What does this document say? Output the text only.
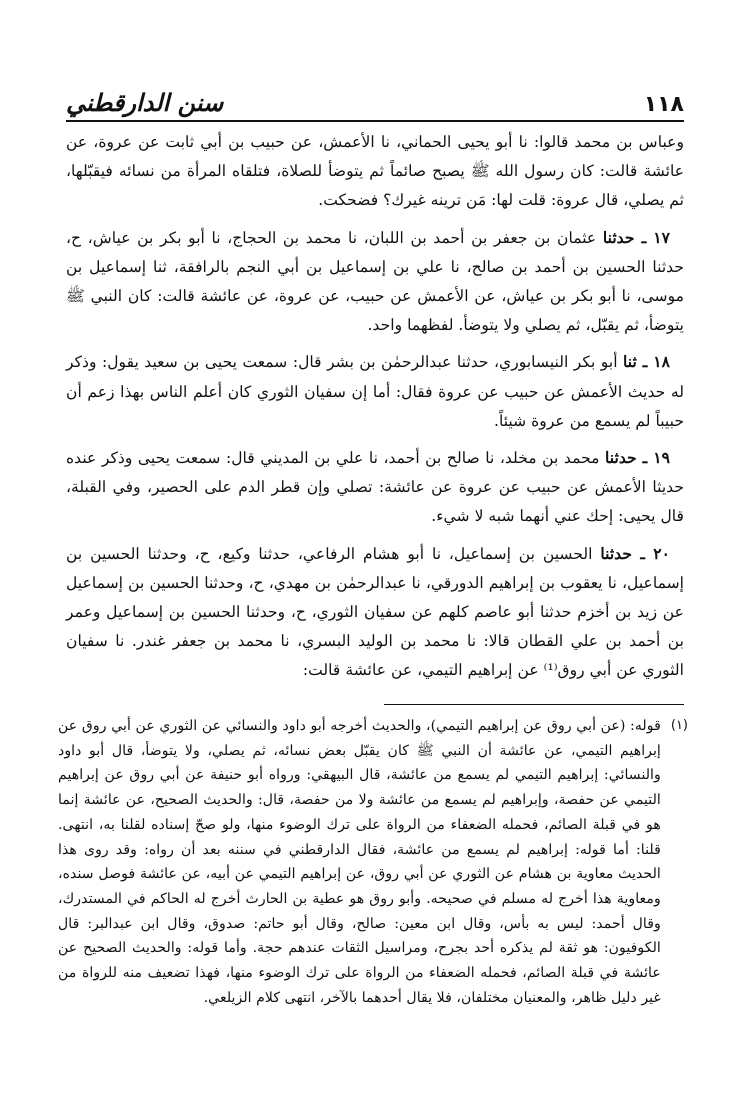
١١٨
سنن الدارقطني

وعباس بن محمد قالوا: نا أبو يحيى الحماني، نا الأعمش، عن حبيب بن أبي ثابت عن عروة، عن عائشة قالت: كان رسول الله ﷺ يصبح صائماً ثم يتوضأ للصلاة، فتلقاه المرأة من نسائه فيقبّلها، ثم يصلي، قال عروة: قلت لها: مَن ترينه غيرك؟ فضحكت.

١٧ ـ حدثنا عثمان بن جعفر بن أحمد بن اللبان، نا محمد بن الحجاج، نا أبو بكر بن عياش، ح، حدثنا الحسين بن أحمد بن صالح، نا علي بن إسماعيل بن أبي النجم بالرافقة، ثنا إسماعيل بن موسى، نا أبو بكر بن عياش، عن الأعمش عن حبيب، عن عروة، عن عائشة قالت: كان النبي ﷺ يتوضأ، ثم يقبّل، ثم يصلي ولا يتوضأ. لفظهما واحد.

١٨ ـ ثنا أبو بكر النيسابوري، حدثنا عبدالرحمٰن بن بشر قال: سمعت يحيى بن سعيد يقول: وذكر له حديث الأعمش عن حبيب عن عروة فقال: أما إن سفيان الثوري كان أعلم الناس بهذا زعم أن حبيباً لم يسمع من عروة شيئاً.

١٩ ـ حدثنا محمد بن مخلد، نا صالح بن أحمد، نا علي بن المديني قال: سمعت يحيى وذكر عنده حديثا الأعمش عن حبيب عن عروة عن عائشة: تصلي وإن قطر الدم على الحصير، وفي القبلة، قال يحيى: إحك عني أنهما شبه لا شيء.

٢٠ ـ حدثنا الحسين بن إسماعيل، نا أبو هشام الرفاعي، حدثنا وكيع، ح، وحدثنا الحسين بن إسماعيل، نا يعقوب بن إبراهيم الدورقي، نا عبدالرحمٰن بن مهدي، ح، وحدثنا الحسين بن إسماعيل عن زيد بن أخزم حدثنا أبو عاصم كلهم عن سفيان الثوري، ح، وحدثنا الحسين بن إسماعيل وعمر بن أحمد بن علي القطان قالا: نا محمد بن الوليد البسري، نا محمد بن جعفر غندر. نا سفيان الثوري عن أبي روق⁽¹⁾ عن إبراهيم التيمي، عن عائشة قالت:

(١)
قوله: (عن أبي روق عن إبراهيم التيمي)، والحديث أخرجه أبو داود والنسائي عن الثوري عن أبي روق عن إبراهيم التيمي، عن عائشة أن النبي ﷺ كان يقبّل بعض نسائه، ثم يصلي، ولا يتوضأ، قال أبو داود والنسائي: إبراهيم التيمي لم يسمع من عائشة، قال البيهقي: ورواه أبو حنيفة عن أبي روق عن إبراهيم التيمي عن حفصة، وإبراهيم لم يسمع من عائشة ولا من حفصة، قال: والحديث الصحيح، عن عائشة إنما هو في قبلة الصائم، فحمله الضعفاء من الرواة على ترك الوضوء منها، ولو صحّ إسناده لقلنا به، انتهى. قلنا: أما قوله: إبراهيم لم يسمع من عائشة، فقال الدارقطني في سننه بعد أن رواه: وقد روى هذا الحديث معاوية بن هشام عن الثوري عن أبي روق، عن إبراهيم التيمي عن أبيه، عن عائشة فوصل سنده، ومعاوية هذا أخرج له مسلم في صحيحه. وأبو روق هو عطية بن الحارث أخرج له الحاكم في المستدرك، وقال أحمد: ليس به بأس، وقال ابن معين: صالح، وقال أبو حاتم: صدوق، وقال ابن عبدالبر: قال الكوفيون: هو ثقة لم يذكره أحد بجرح، ومراسيل الثقات عندهم حجة. وأما قوله: والحديث الصحيح عن عائشة في قبلة الصائم، فحمله الضعفاء من الرواة على ترك الوضوء منها، فهذا تضعيف منه للرواة من غير دليل ظاهر، والمعنيان مختلفان، فلا يقال أحدهما بالآخر، انتهى كلام الزيلعي.
